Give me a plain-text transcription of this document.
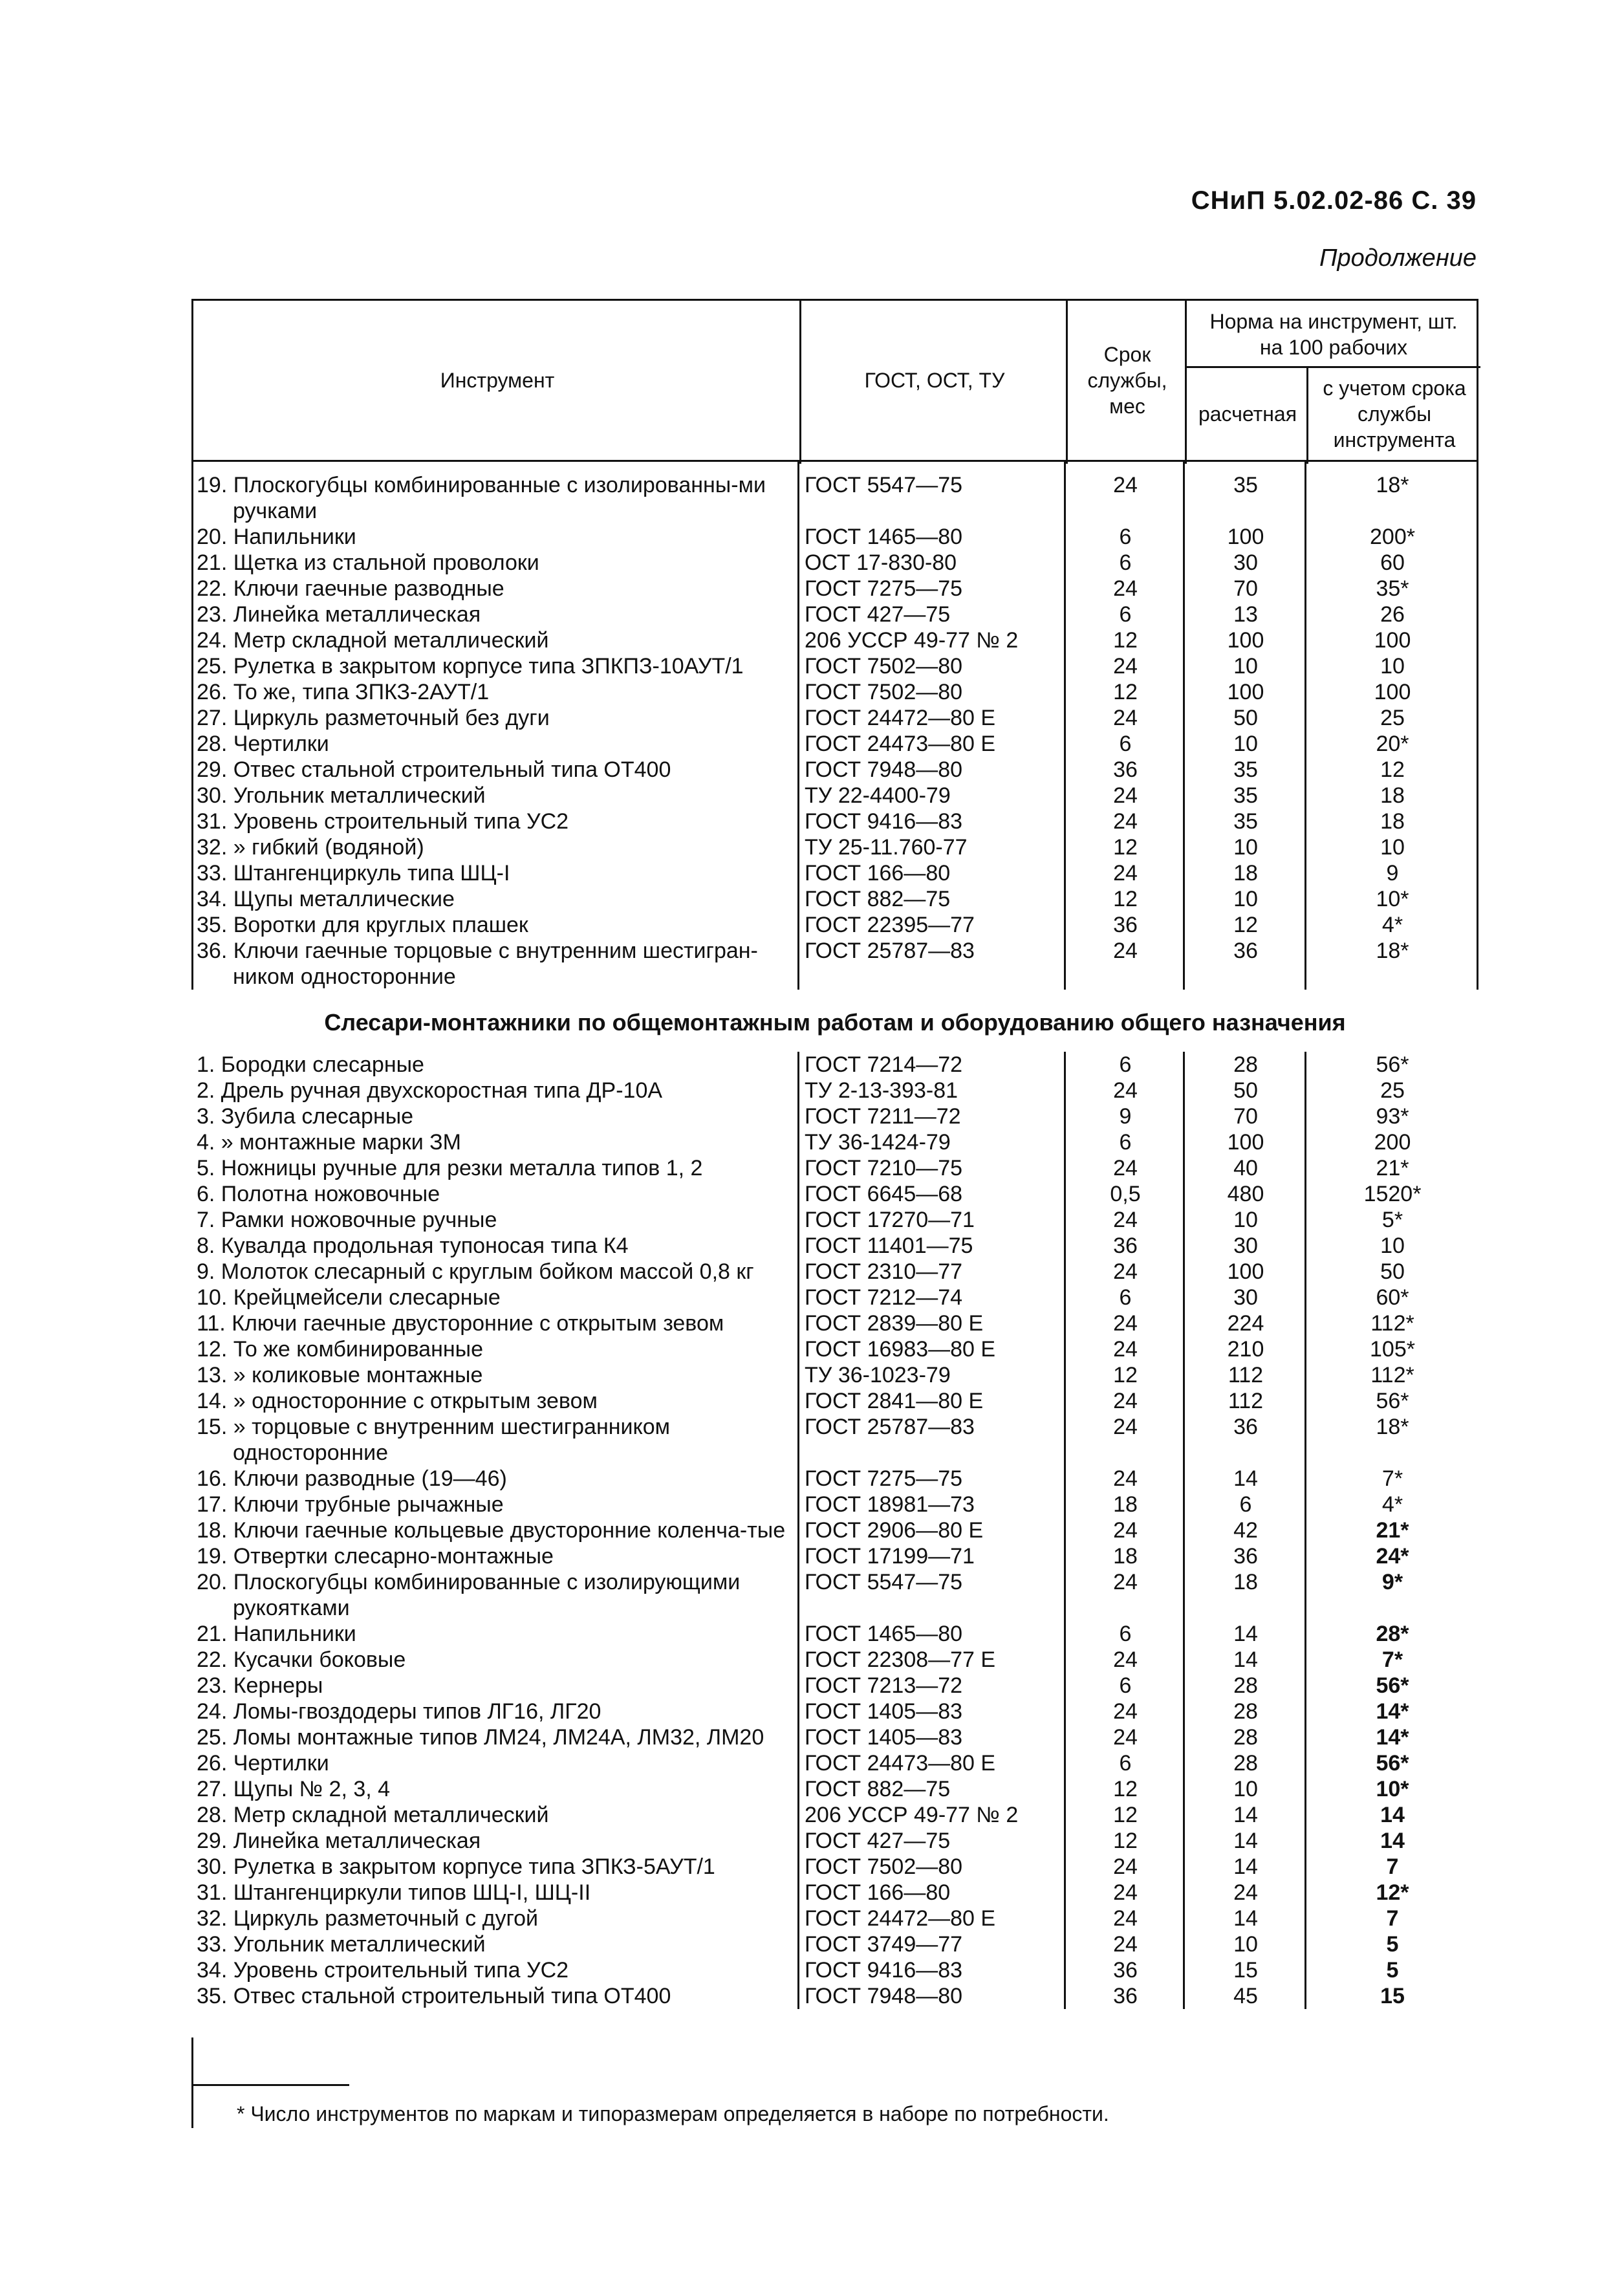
СНиП 5.02.02-86 С. 39
Продолжение
Инструмент	ГОСТ, ОСТ, ТУ
Срок службы, мес
Норма на инструмент, шт. на 100 рабочих
расчетная
с учетом срока службы инструмента
19. Плоскогубцы комбинированные с изолированны-ми ручками
ГОСТ 5547—75	24	35	18*
20. Напильники	ГОСТ 1465—80	6	100	200*
21. Щетка из стальной проволоки	ОСТ 17-830-80	6	30	60
22. Ключи гаечные разводные	ГОСТ 7275—75	24	70	35*
23. Линейка металлическая	ГОСТ 427—75	6	13	26
24. Метр складной металлический	206 УССР 49-77 № 2	12	100	100
25. Рулетка в закрытом корпусе типа ЗПКПЗ-10АУТ/1	ГОСТ 7502—80	24	10	10
26. То же, типа ЗПКЗ-2АУТ/1	ГОСТ 7502—80	12	100	100
27. Циркуль разметочный без дуги	ГОСТ 24472—80 Е	24	50	25
28. Чертилки	ГОСТ 24473—80 Е	6	10	20*
29. Отвес стальной строительный типа ОТ400	ГОСТ 7948—80	36	35	12
30. Угольник металлический	ТУ 22-4400-79	24	35	18
31. Уровень строительный типа УС2	ГОСТ 9416—83	24	35	18
32. » гибкий (водяной)	ТУ 25-11.760-77	12	10	10
33. Штангенциркуль типа ШЦ-I	ГОСТ 166—80	24	18	9
34. Щупы металлические	ГОСТ 882—75	12	10	10*
35. Воротки для круглых плашек	ГОСТ 22395—77	36	12	4*
36. Ключи гаечные торцовые с внутренним шестигран-ником односторонние
ГОСТ 25787—83	24	36	18*
Слесари-монтажники по общемонтажным работам и оборудованию общего назначения
1. Бородки слесарные	ГОСТ 7214—72	6	28	56*
2. Дрель ручная двухскоростная типа ДР-10А	ТУ 2-13-393-81	24	50	25
3. Зубила слесарные	ГОСТ 7211—72	9	70	93*
4. » монтажные марки ЗМ	ТУ 36-1424-79	6	100	200
5. Ножницы ручные для резки металла типов 1, 2	ГОСТ 7210—75	24	40	21*
6. Полотна ножовочные	ГОСТ 6645—68	0,5	480	1520*
7. Рамки ножовочные ручные	ГОСТ 17270—71	24	10	5*
8. Кувалда продольная тупоносая типа К4	ГОСТ 11401—75	36	30	10
9. Молоток слесарный с круглым бойком массой 0,8 кг	ГОСТ 2310—77	24	100	50
10. Крейцмейсели слесарные	ГОСТ 7212—74	6	30	60*
11. Ключи гаечные двусторонние с открытым зевом	ГОСТ 2839—80 Е	24	224	112*
12. То же комбинированные	ГОСТ 16983—80 Е	24	210	105*
13. » коликовые монтажные	ТУ 36-1023-79	12	112	112*
14. » односторонние с открытым зевом	ГОСТ 2841—80 Е	24	112	56*
15. » торцовые с внутренним шестигранником односторонние
ГОСТ 25787—83	24	36	18*
16. Ключи разводные (19—46)	ГОСТ 7275—75	24	14	7*
17. Ключи трубные рычажные	ГОСТ 18981—73	18	6	4*
18. Ключи гаечные кольцевые двусторонние коленча-тые ГОСТ 2906—80 Е	24	42	21*
19. Отвертки слесарно-монтажные	ГОСТ 17199—71	18	36	24*
20. Плоскогубцы комбинированные с изолирующими рукоятками
ГОСТ 5547—75	24	18	9*
21. Напильники	ГОСТ 1465—80	6	14	28*
22. Кусачки боковые	ГОСТ 22308—77 Е	24	14	7*
23. Кернеры	ГОСТ 7213—72	6	28	56*
24. Ломы-гвоздодеры типов ЛГ16, ЛГ20	ГОСТ 1405—83	24	28	14*
25. Ломы монтажные типов ЛМ24, ЛМ24А, ЛМ32, ЛМ20	ГОСТ 1405—83	24	28	14*
26. Чертилки	ГОСТ 24473—80 Е	6	28	56*
27. Щупы № 2, 3, 4	ГОСТ 882—75	12	10	10*
28. Метр складной металлический	206 УССР 49-77 № 2	12	14	14
29. Линейка металлическая	ГОСТ 427—75	12	14	14
30. Рулетка в закрытом корпусе типа ЗПКЗ-5АУТ/1	ГОСТ 7502—80	24	14	7
31. Штангенциркули типов ШЦ-I, ШЦ-II	ГОСТ 166—80	24	24	12*
32. Циркуль разметочный с дугой	ГОСТ 24472—80 Е	24	14	7
33. Угольник металлический	ГОСТ 3749—77	24	10	5
34. Уровень строительный типа УС2	ГОСТ 9416—83	36	15	5
35. Отвес стальной строительный типа ОТ400	ГОСТ 7948—80	36	45	15
* Число инструментов по маркам и типоразмерам определяется в наборе по потребности.
